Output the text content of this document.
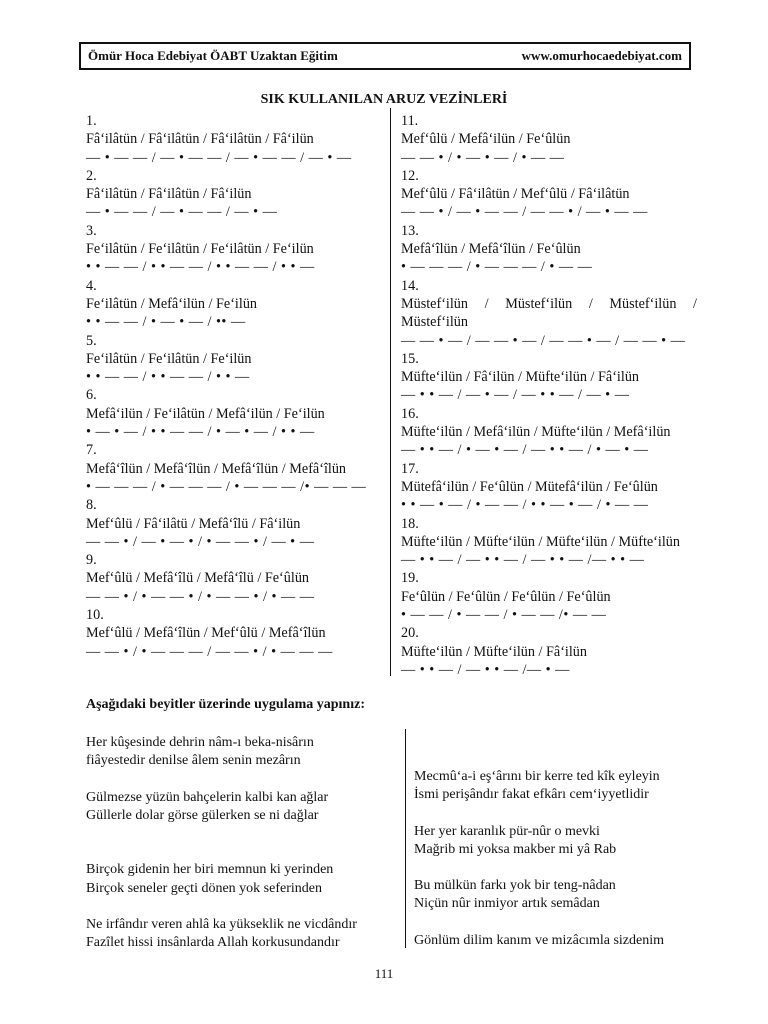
Ömür Hoca Edebiyat ÖABT Uzaktan Eğitim	www.omurhocaedebiyat.com
SIK KULLANILAN ARUZ VEZİNLERİ
1.
Fâ‘ilâtün / Fâ‘ilâtün / Fâ‘ilâtün / Fâ‘ilün
— • — — / — • — — / — • — — / — • —
2.
Fâ‘ilâtün / Fâ‘ilâtün / Fâ‘ilün
— • — — / — • — — / — • —
3.
Fe‘ilâtün / Fe‘ilâtün / Fe‘ilâtün / Fe‘ilün
• • — — / • • — — / • • — — / • • —
4.
Fe‘ilâtün / Mefâ‘ilün / Fe‘ilün
• • — — / • — • — / •• —
5.
Fe‘ilâtün / Fe‘ilâtün / Fe‘ilün
• • — — / • • — — / • • —
6.
Mefâ‘ilün / Fe‘ilâtün / Mefâ‘ilün / Fe‘ilün
• — • — / • • — — / • — • — / • • —
7.
Mefâ‘îlün / Mefâ‘îlün / Mefâ‘îlün / Mefâ‘îlün
• — — — / • — — — / • — — — /• — — —
8.
Mef‘ûlü / Fâ‘ilâtü / Mefâ‘îlü / Fâ‘ilün
— — • / — • — • / • — — • / — • —
9.
Mef‘ûlü / Mefâ‘îlü / Mefâ‘îlü / Fe‘ûlün
— — • / • — — • / • — — • / • — —
10.
Mef‘ûlü / Mefâ‘îlün / Mef‘ûlü / Mefâ‘îlün
— — • / • — — — / — — • / • — — —
11.
Mef‘ûlü / Mefâ‘ilün / Fe‘ûlün
— — • / • — • — / • — —
12.
Mef‘ûlü / Fâ‘ilâtün / Mef‘ûlü / Fâ‘ilâtün
— — • / — • — — / — — • / — • — —
13.
Mefâ‘îlün / Mefâ‘îlün / Fe‘ûlün
• — — — / • — — — / • — —
14.
Müstef‘ilün / Müstef‘ilün / Müstef‘ilün /
Müstef‘ilün
— — • — / — — • — / — — • — / — — • —
15.
Müfte‘ilün / Fâ‘ilün / Müfte‘ilün / Fâ‘ilün
— • • — / — • — / — • • — / — • —
16.
Müfte‘ilün / Mefâ‘ilün / Müfte‘ilün / Mefâ‘ilün
— • • — / • — • — / — • • — / • — • —
17.
Mütefâ‘ilün / Fe‘ûlün / Mütefâ‘ilün / Fe‘ûlün
• • — • — / • — — / • • — • — / • — —
18.
Müfte‘ilün / Müfte‘ilün / Müfte‘ilün / Müfte‘ilün
— • • — / — • • — / — • • — /— • • —
19.
Fe‘ûlün / Fe‘ûlün / Fe‘ûlün / Fe‘ûlün
• — — / • — — / • — — /• — —
20.
Müfte‘ilün / Müfte‘ilün / Fâ‘ilün
— • • — / — • • — /— • —
Aşağıdaki beyitler üzerinde uygulama yapınız:
Her kûşesinde dehrin nâm-ı beka-nisârın
fiâyestedir denilse âlem senin mezârın
Gülmezse yüzün bahçelerin kalbi kan ağlar
Güllerle dolar görse gülerken se ni dağlar
Birçok gidenin her biri memnun ki yerinden
Birçok seneler geçti dönen yok seferinden
Ne irfândır veren ahlâ ka yükseklik ne vicdândır
Fazîlet hissi insânlarda Allah korkusundandır
Mecmû‘a-i eş‘ârını bir kerre ted kîk eyleyin
İsmi perişândır fakat efkârı cem‘iyyetlidir
Her yer karanlık pür-nûr o mevki
Mağrib mi yoksa makber mi yâ Rab
Bu mülkün farkı yok bir teng-nâdan
Niçün nûr inmiyor artık semâdan
Gönlüm dilim kanım ve mizâcımla sizdenim
111
